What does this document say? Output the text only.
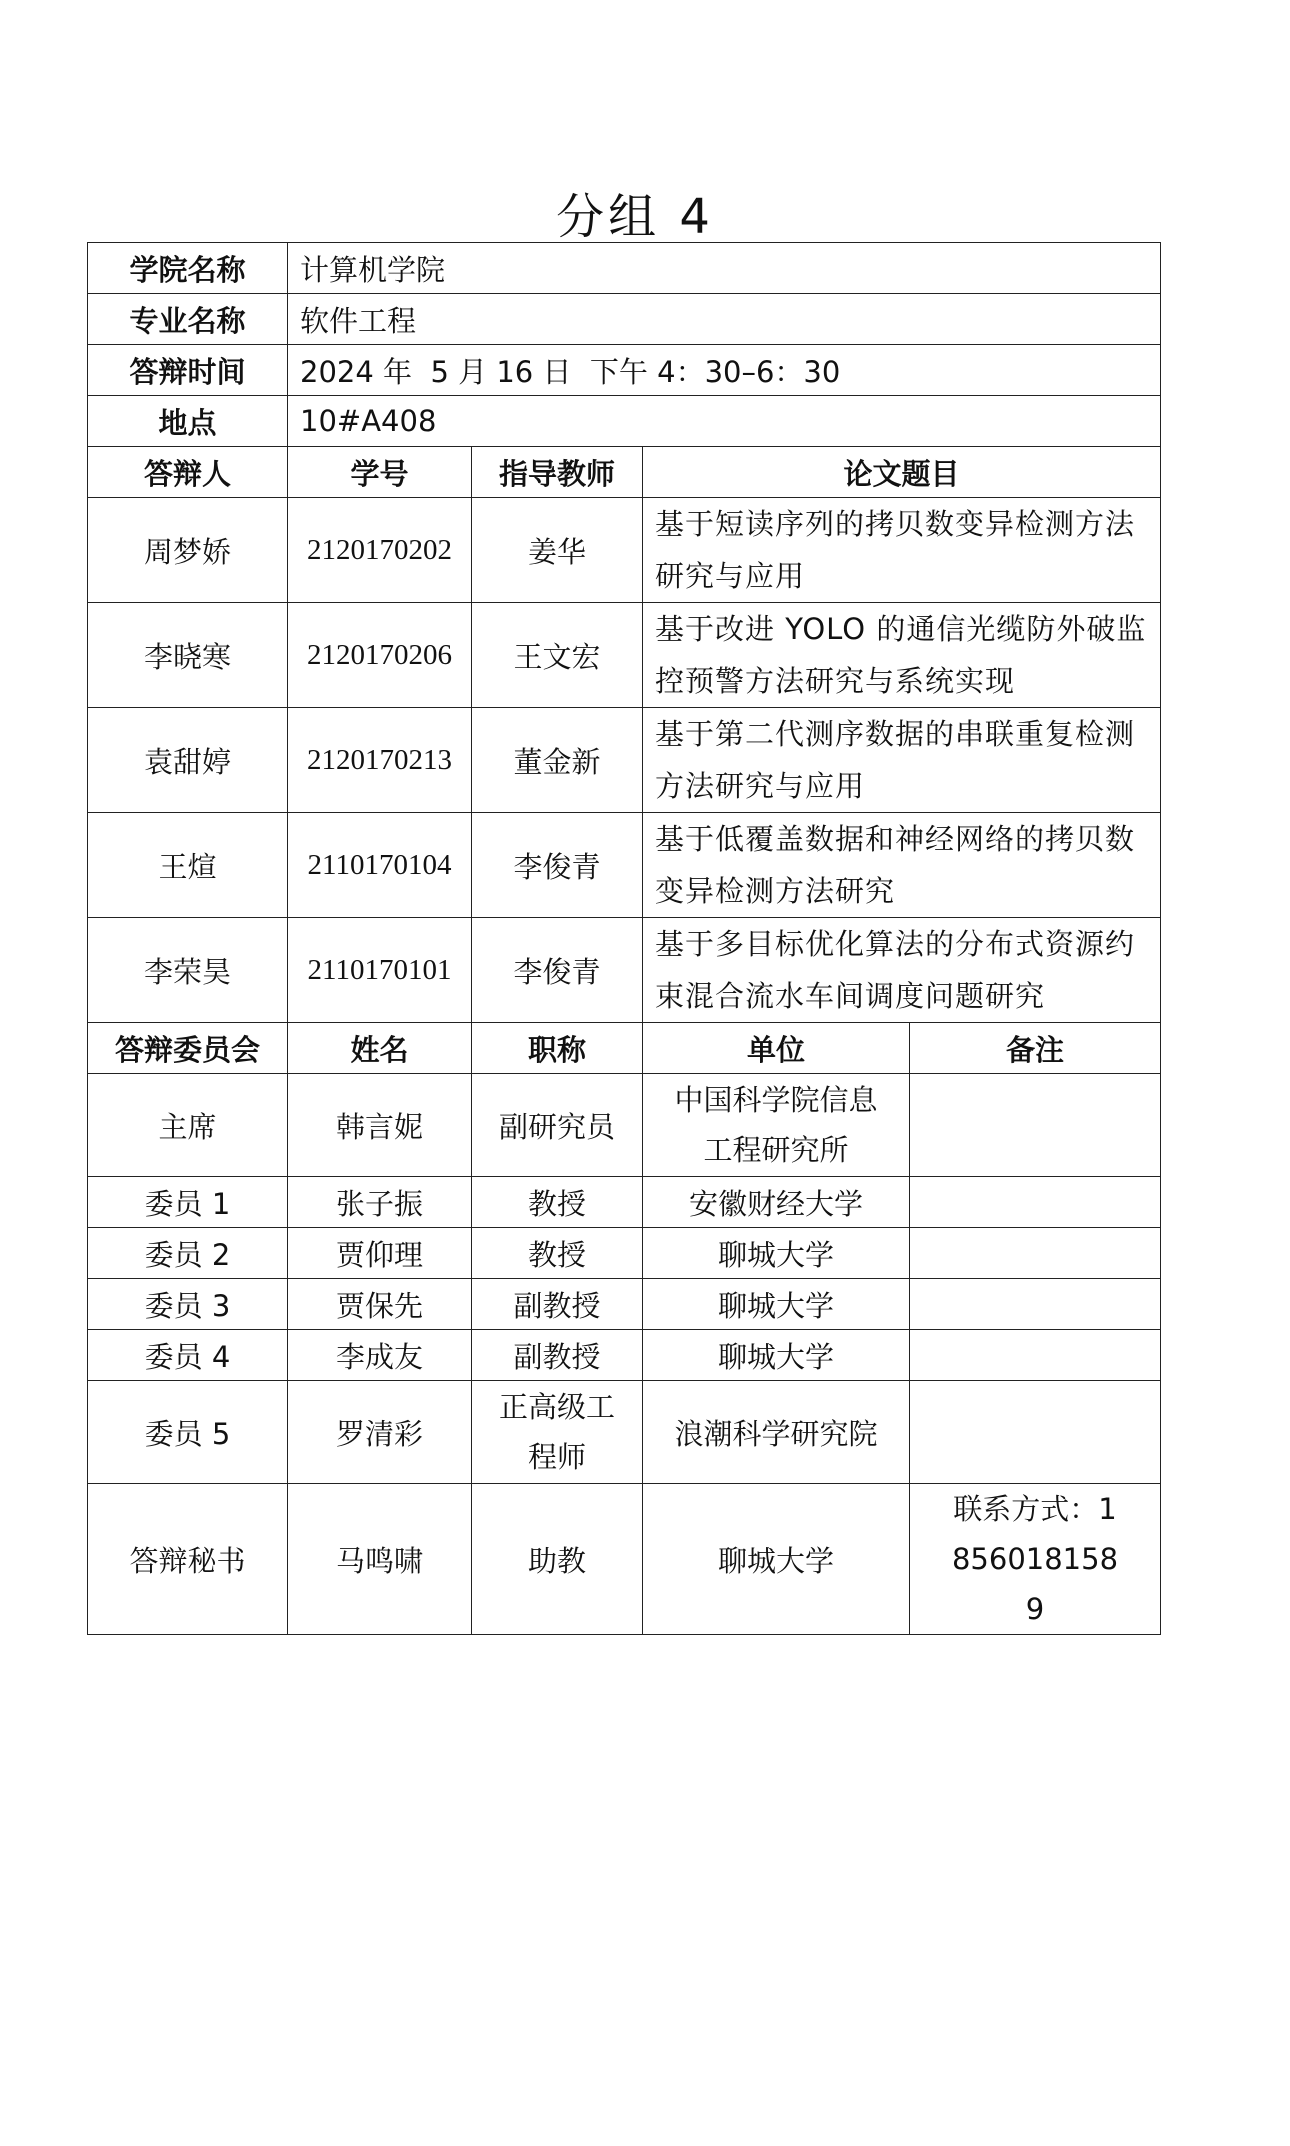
分组 4
学院名称	计算机学院			
专业名称	软件工程			
答辩时间	2024 年  5 月 16 日  下午 4：30–6：30			
地点	10#A408			
答辩人	学号	指导教师	论文题目	
周梦娇	2120170202	姜华	基于短读序列的拷贝数变异检测方法研究与应用	
李晓寒	2120170206	王文宏	基于改进 YOLO 的通信光缆防外破监控预警方法研究与系统实现	
袁甜婷	2120170213	董金新	基于第二代测序数据的串联重复检测方法研究与应用	
王煊	2110170104	李俊青	基于低覆盖数据和神经网络的拷贝数变异检测方法研究	
李荣昊	2110170101	李俊青	基于多目标优化算法的分布式资源约束混合流水车间调度问题研究	
答辩委员会	姓名	职称	单位	备注
主席	韩言妮	副研究员	中国科学院信息工程研究所	
委员 1	张子振	教授	安徽财经大学	
委员 2	贾仰理	教授	聊城大学	
委员 3	贾保先	副教授	聊城大学	
委员 4	李成友	副教授	聊城大学	
委员 5	罗清彩	正高级工程师	浪潮科学研究院	
答辩秘书	马鸣啸	助教	聊城大学	联系方式：18560181589
